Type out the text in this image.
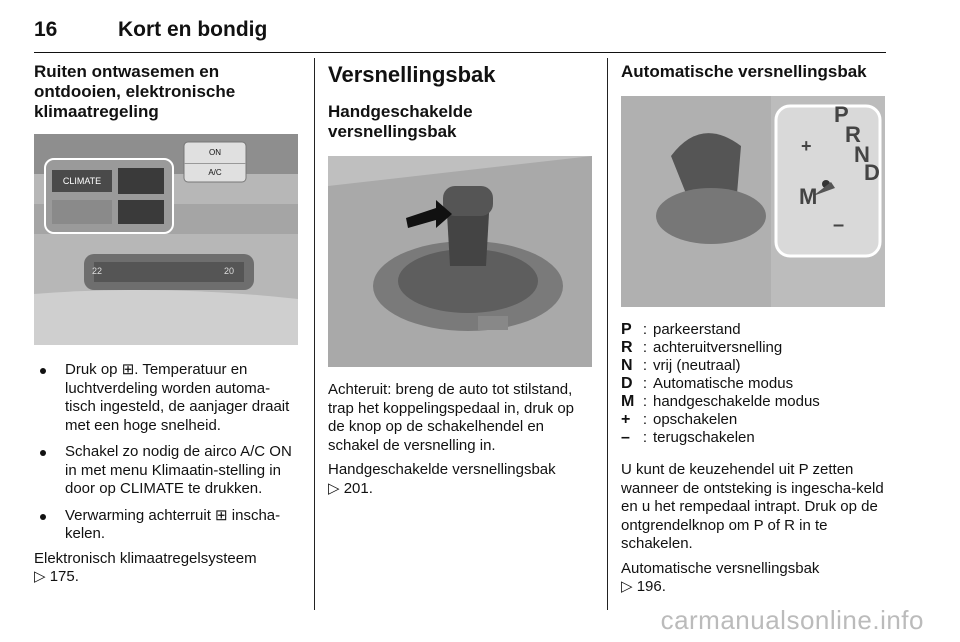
16	Kort en bondig
Ruiten ontwasemen en ontdooien, elektronische klimaatregeling
CLIMATE
ON
A/C
22	20
Druk op ⊞. Temperatuur en luchtverdeling worden automa-tisch ingesteld, de aanjager draait met een hoge snelheid.
Schakel zo nodig de airco A/C ON in met menu Klimaatin-stelling in door op CLIMATE te drukken.
Verwarming achterruit ⊞ inscha-kelen.

Elektronisch klimaatregelsysteem
▷ 175.

Versnellingsbak
Handgeschakelde versnellingsbak

Achteruit: breng de auto tot stilstand, trap het koppelingspedaal in, druk op de knop op de schakelhendel en schakel de versnelling in.

Handgeschakelde versnellingsbak
▷ 201.

Automatische versnellingsbak
P
R
N
D
M
+
–
P	:	parkeerstand
R	:	achteruitversnelling
N	:	vrij (neutraal)
D	:	Automatische modus
M	:	handgeschakelde modus
+	:	opschakelen
–	:	terugschakelen

U kunt de keuzehendel uit P zetten wanneer de ontsteking is ingescha-keld en u het rempedaal intrapt. Druk op de ontgrendelknop om P of R in te schakelen.

Automatische versnellingsbak
▷ 196.

carmanualsonline.info
